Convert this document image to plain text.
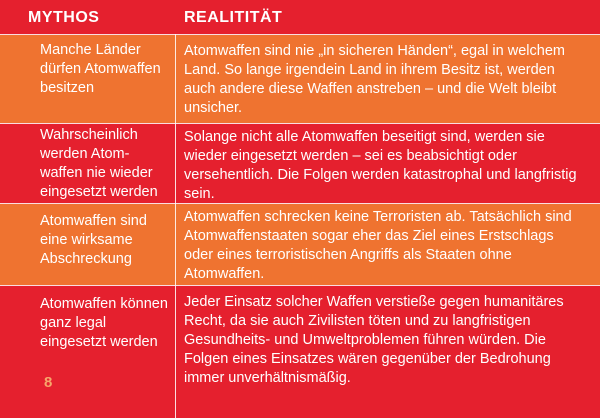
MYTHOS	REALITITÄT
Manche Länder dürfen Atomwaffen besitzen
Atomwaffen sind nie „in sicheren Händen“, egal in welchem Land. So lange irgendein Land in ihrem Besitz ist, werden auch andere diese Waffen anstreben – und die Welt bleibt unsicher.
Wahrscheinlich werden Atom-waffen nie wieder eingesetzt werden
Solange nicht alle Atomwaffen beseitigt sind, werden sie wieder eingesetzt werden – sei es beabsichtigt oder versehentlich. Die Folgen werden katastrophal und langfristig sein.
Atomwaffen sind eine wirksame Abschreckung
Atomwaffen schrecken keine Terroristen ab. Tatsächlich sind Atomwaffenstaaten sogar eher das Ziel eines Erstschlags oder eines terroristischen Angriffs als Staaten ohne Atomwaffen.
Atomwaffen können ganz legal eingesetzt werden
Jeder Einsatz solcher Waffen verstieße gegen humanitäres Recht, da sie auch Zivilisten töten und zu langfristigen Gesundheits- und Umweltproblemen führen würden. Die Folgen eines Einsatzes wären gegenüber der Bedrohung immer unverhältnismäßig.
8
